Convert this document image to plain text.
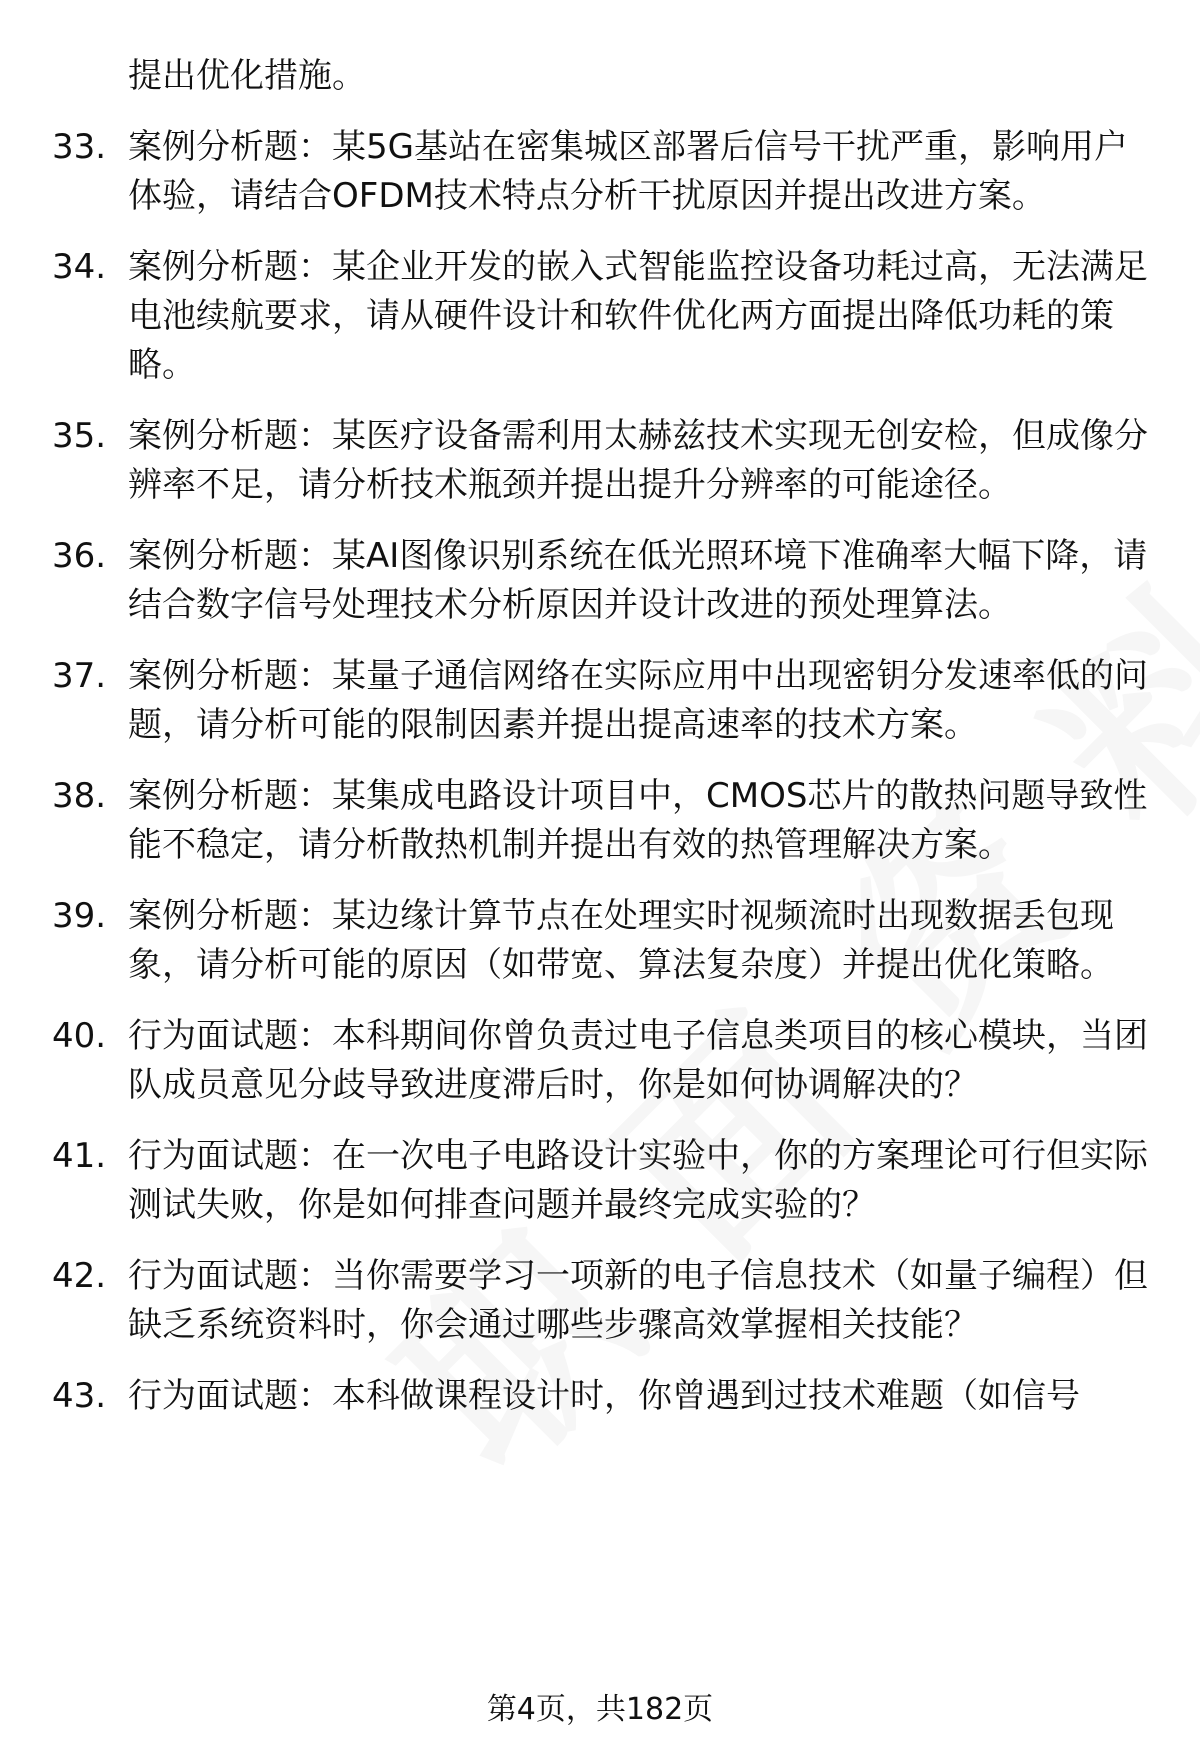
提出优化措施。
33. 案例分析题：某5G基站在密集城区部署后信号干扰严重，影响用户体验，请结合OFDM技术特点分析干扰原因并提出改进方案。
34. 案例分析题：某企业开发的嵌入式智能监控设备功耗过高，无法满足电池续航要求，请从硬件设计和软件优化两方面提出降低功耗的策略。
35. 案例分析题：某医疗设备需利用太赫兹技术实现无创安检，但成像分辨率不足，请分析技术瓶颈并提出提升分辨率的可能途径。
36. 案例分析题：某AI图像识别系统在低光照环境下准确率大幅下降，请结合数字信号处理技术分析原因并设计改进的预处理算法。
37. 案例分析题：某量子通信网络在实际应用中出现密钥分发速率低的问题，请分析可能的限制因素并提出提高速率的技术方案。
38. 案例分析题：某集成电路设计项目中，CMOS芯片的散热问题导致性能不稳定，请分析散热机制并提出有效的热管理解决方案。
39. 案例分析题：某边缘计算节点在处理实时视频流时出现数据丢包现象，请分析可能的原因（如带宽、算法复杂度）并提出优化策略。
40. 行为面试题：本科期间你曾负责过电子信息类项目的核心模块，当团队成员意见分歧导致进度滞后时，你是如何协调解决的？
41. 行为面试题：在一次电子电路设计实验中，你的方案理论可行但实际测试失败，你是如何排查问题并最终完成实验的？
42. 行为面试题：当你需要学习一项新的电子信息技术（如量子编程）但缺乏系统资料时，你会通过哪些步骤高效掌握相关技能？
43. 行为面试题：本科做课程设计时，你曾遇到过技术难题（如信号
第4页，共182页
